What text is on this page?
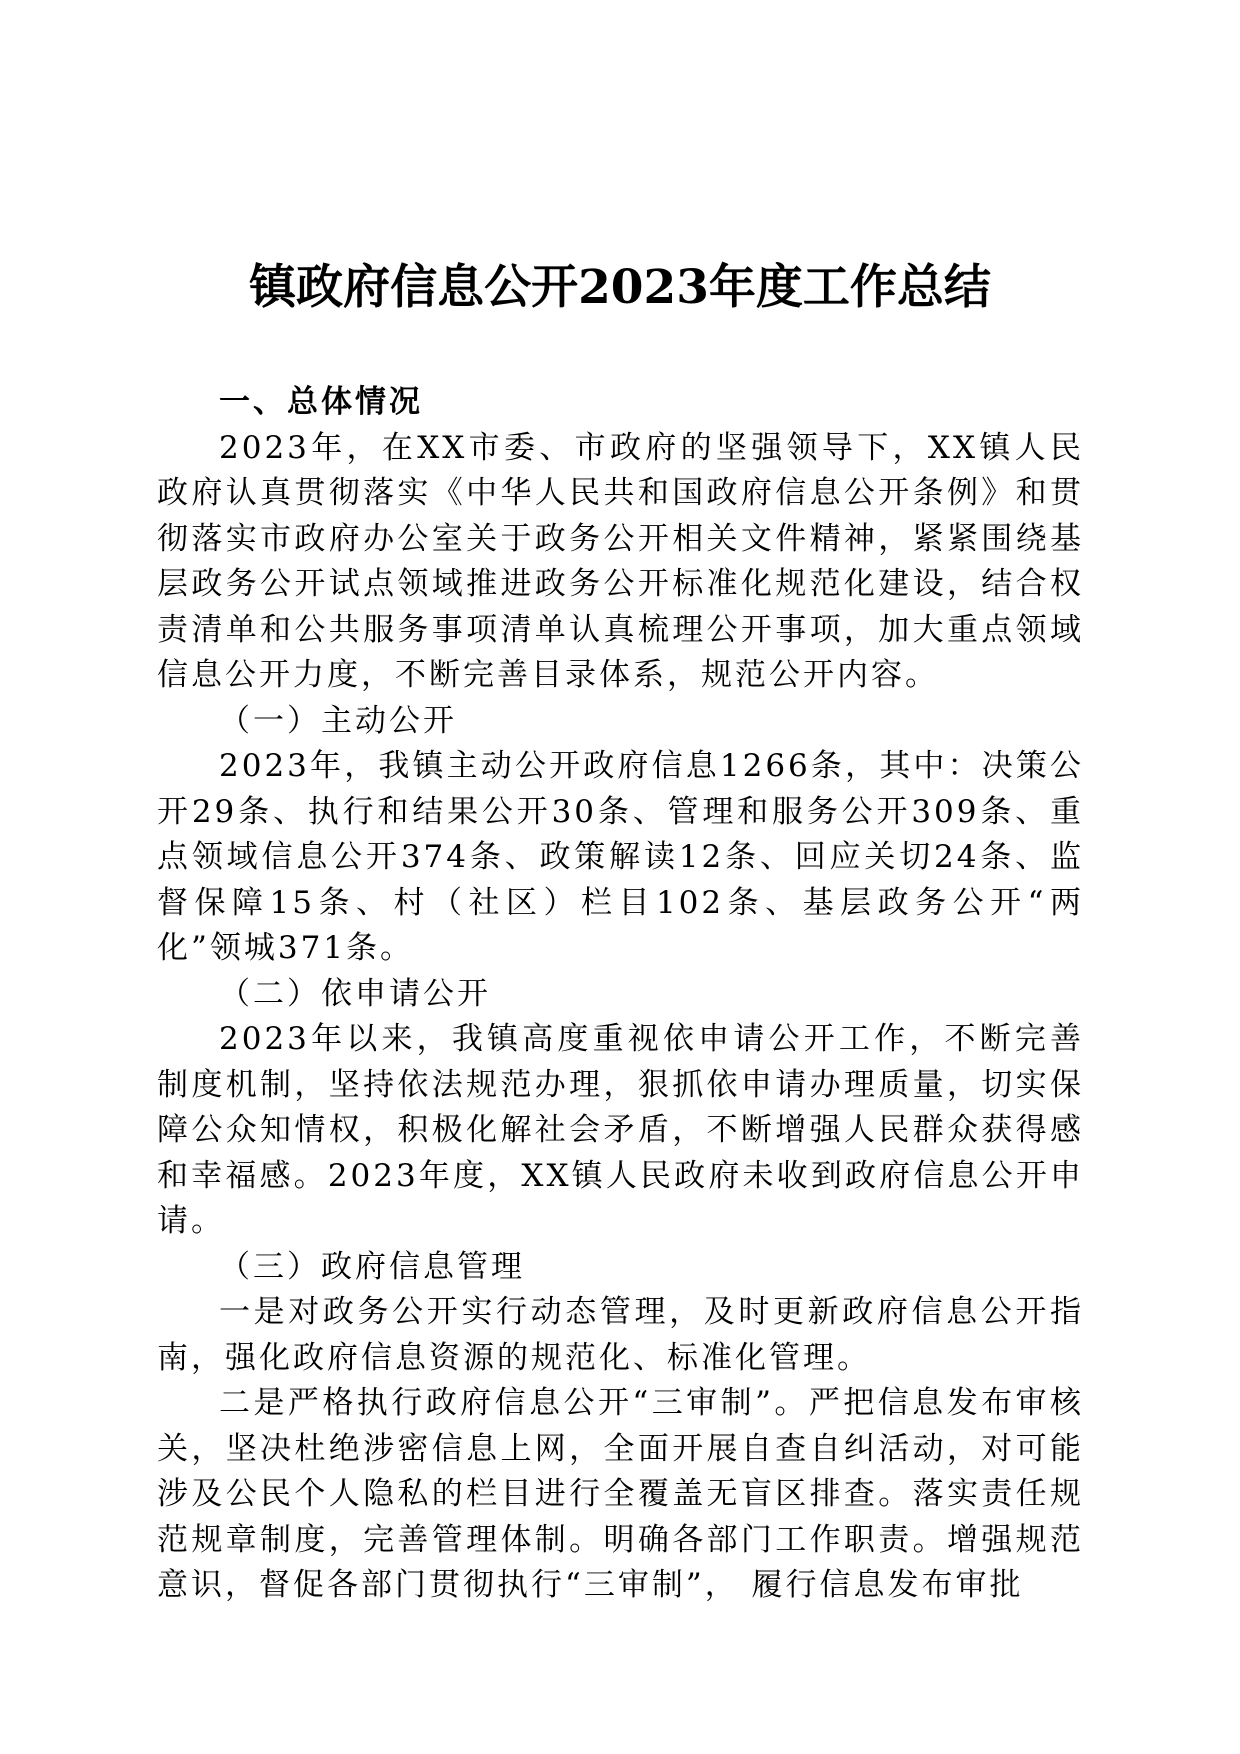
镇政府信息公开2023年度工作总结
一、总体情况

2023年，在XX市委、市政府的坚强领导下，XX镇人民政府认真贯彻落实《中华人民共和国政府信息公开条例》和贯彻落实市政府办公室关于政务公开相关文件精神，紧紧围绕基层政务公开试点领域推进政务公开标准化规范化建设，结合权责清单和公共服务事项清单认真梳理公开事项，加大重点领域信息公开力度，不断完善目录体系，规范公开内容。

（一）主动公开

2023年，我镇主动公开政府信息1266条，其中：决策公开29条、执行和结果公开30条、管理和服务公开309条、重点领域信息公开374条、政策解读12条、回应关切24条、监督保障15条、村（社区）栏目102条、基层政务公开“两化”领城371条。

（二）依申请公开

2023年以来，我镇高度重视依申请公开工作，不断完善制度机制，坚持依法规范办理，狠抓依申请办理质量，切实保障公众知情权，积极化解社会矛盾，不断增强人民群众获得感和幸福感。2023年度，XX镇人民政府未收到政府信息公开申请。

（三）政府信息管理

一是对政务公开实行动态管理，及时更新政府信息公开指南，强化政府信息资源的规范化、标准化管理。

二是严格执行政府信息公开“三审制”。严把信息发布审核关，坚决杜绝涉密信息上网，全面开展自查自纠活动，对可能涉及公民个人隐私的栏目进行全覆盖无盲区排查。落实责任规范规章制度，完善管理体制。明确各部门工作职责。增强规范意识，督促各部门贯彻执行“三审制”， 履行信息发布审批
